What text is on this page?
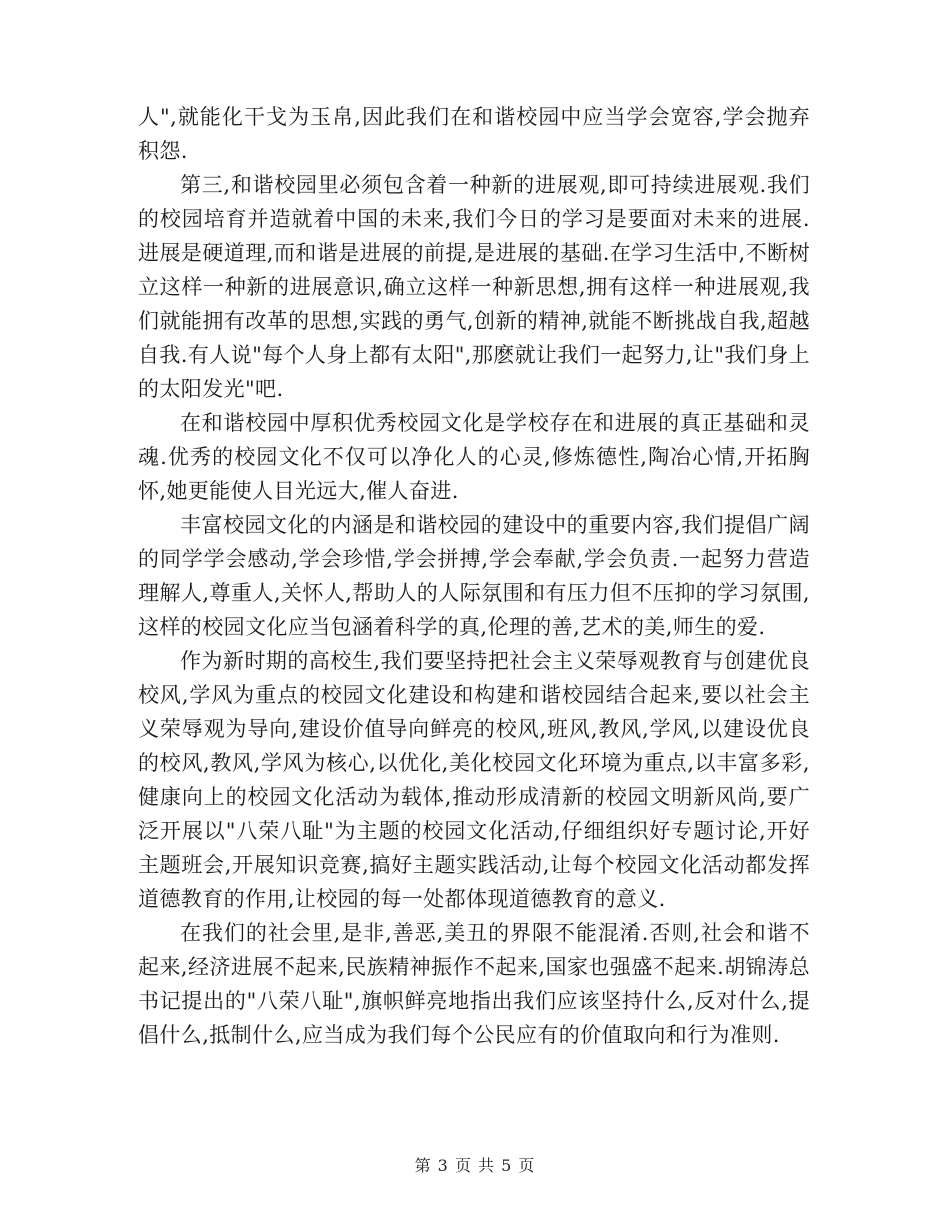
人",就能化干戈为玉帛,因此我们在和谐校园中应当学会宽容,学会抛弃积怨.

第三,和谐校园里必须包含着一种新的进展观,即可持续进展观.我们的校园培育并造就着中国的未来,我们今日的学习是要面对未来的进展.进展是硬道理,而和谐是进展的前提,是进展的基础.在学习生活中,不断树立这样一种新的进展意识,确立这样一种新思想,拥有这样一种进展观,我们就能拥有改革的思想,实践的勇气,创新的精神,就能不断挑战自我,超越自我.有人说"每个人身上都有太阳",那麽就让我们一起努力,让"我们身上的太阳发光"吧.

在和谐校园中厚积优秀校园文化是学校存在和进展的真正基础和灵魂.优秀的校园文化不仅可以净化人的心灵,修炼德性,陶冶心情,开拓胸怀,她更能使人目光远大,催人奋进.

丰富校园文化的内涵是和谐校园的建设中的重要内容,我们提倡广阔的同学学会感动,学会珍惜,学会拼搏,学会奉献,学会负责.一起努力营造理解人,尊重人,关怀人,帮助人的人际氛围和有压力但不压抑的学习氛围,这样的校园文化应当包涵着科学的真,伦理的善,艺术的美,师生的爱.

作为新时期的高校生,我们要坚持把社会主义荣辱观教育与创建优良校风,学风为重点的校园文化建设和构建和谐校园结合起来,要以社会主义荣辱观为导向,建设价值导向鲜亮的校风,班风,教风,学风,以建设优良的校风,教风,学风为核心,以优化,美化校园文化环境为重点,以丰富多彩,健康向上的校园文化活动为载体,推动形成清新的校园文明新风尚,要广泛开展以"八荣八耻"为主题的校园文化活动,仔细组织好专题讨论,开好主题班会,开展知识竞赛,搞好主题实践活动,让每个校园文化活动都发挥道德教育的作用,让校园的每一处都体现道德教育的意义.

在我们的社会里,是非,善恶,美丑的界限不能混淆.否则,社会和谐不起来,经济进展不起来,民族精神振作不起来,国家也强盛不起来.胡锦涛总书记提出的"八荣八耻",旗帜鲜亮地指出我们应该坚持什么,反对什么,提倡什么,抵制什么,应当成为我们每个公民应有的价值取向和行为准则.

第 3 页 共 5 页
